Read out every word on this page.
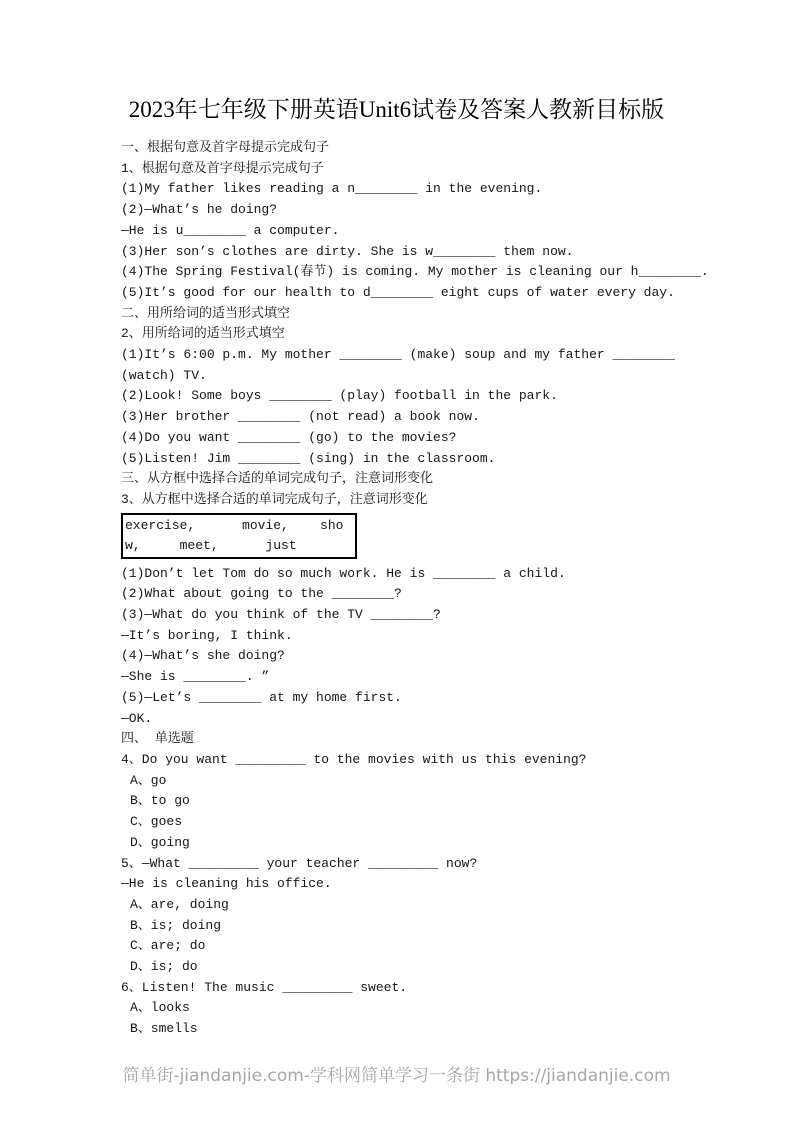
2023年七年级下册英语Unit6试卷及答案人教新目标版
一、根据句意及首字母提示完成句子
1、根据句意及首字母提示完成句子
(1)My father likes reading a n________ in the evening.
(2)—What’s he doing?
—He is u________ a computer.
(3)Her son’s clothes are dirty. She is w________ them now.
(4)The Spring Festival(春节) is coming. My mother is cleaning our h________.
(5)It’s good for our health to d________ eight cups of water every day.
二、用所给词的适当形式填空
2、用所给词的适当形式填空
(1)It’s 6:00 p.m. My mother ________ (make) soup and my father ________ (watch) TV.
(2)Look! Some boys ________ (play) football in the park.
(3)Her brother ________ (not read) a book now.
(4)Do you want ________ (go) to the movies?
(5)Listen! Jim ________ (sing) in the classroom.
三、从方框中选择合适的单词完成句子，注意词形变化
3、从方框中选择合适的单词完成句子，注意词形变化
exercise,      movie,    sho
w,     meet,      just
(1)Don’t let Tom do so much work. He is ________ a child.
(2)What about going to the ________?
(3)—What do you think of the TV ________?
—It’s boring, I think.
(4)—What’s she doing?
—She is ________. ”
(5)—Let’s ________ at my home first.
—OK.
四、 单选题
4、Do you want _________ to the movies with us this evening?
A、go
B、to go
C、goes
D、going
5、—What _________ your teacher _________ now?
—He is cleaning his office.
A、are, doing
B、is; doing
C、are; do
D、is; do
6、Listen! The music _________ sweet.
A、looks
B、smells
简单街-jiandanjie.com-学科网简单学习一条街 https://jiandanjie.com
